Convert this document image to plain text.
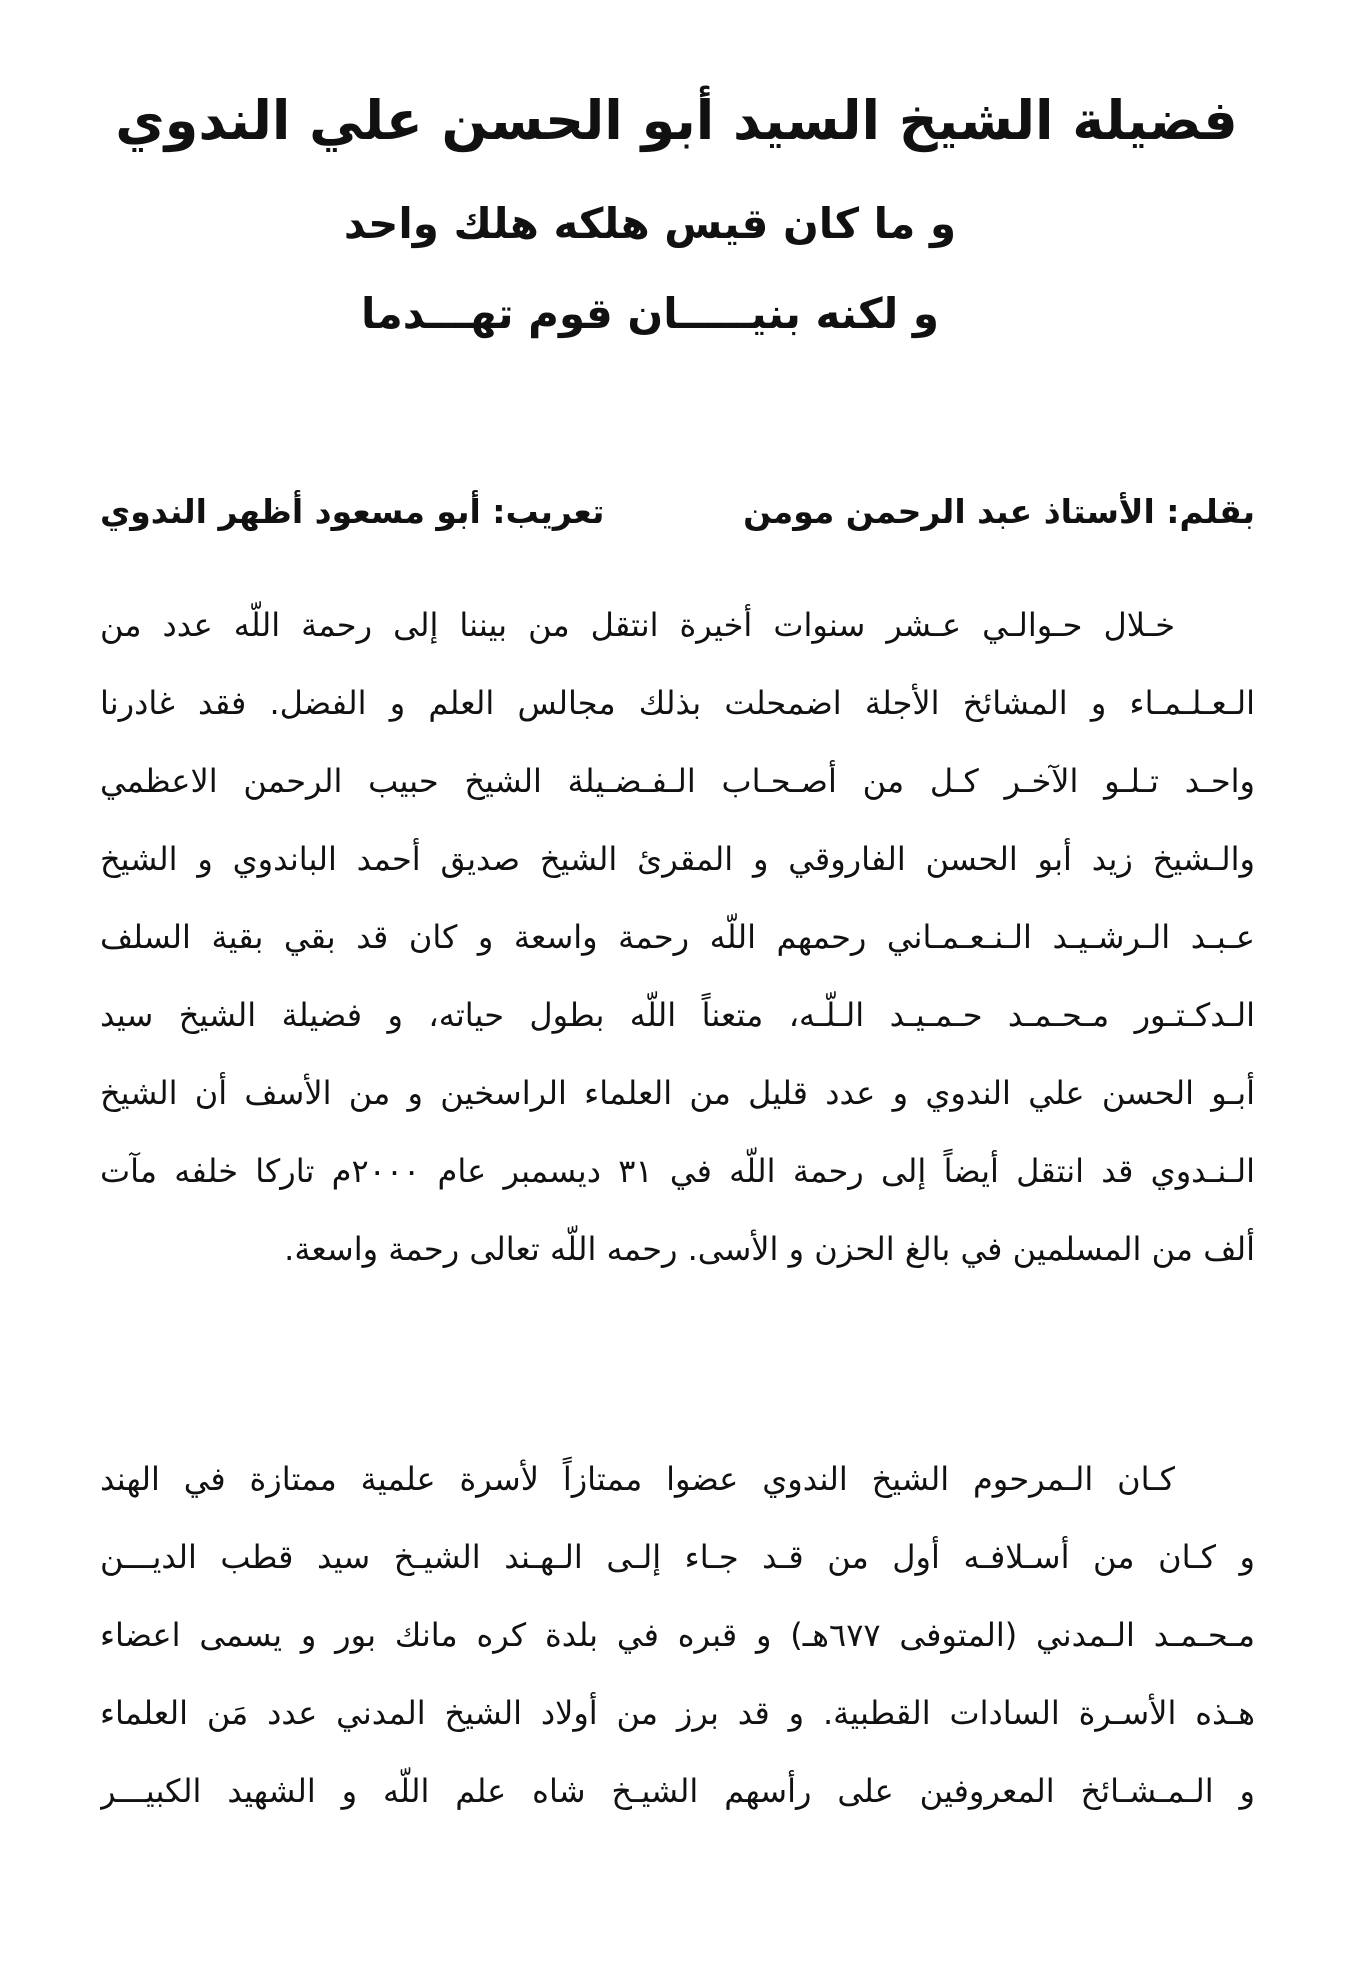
فضيلة الشيخ السيد أبو الحسن علي الندوي
و ما كان قيس هلكه هلك واحد
و لكنه بنيـــــان قوم تهـــدما
بقلم: الأستاذ عبد الرحمن مومن
تعريب: أبو مسعود أظهر الندوي
خـلال حـوالـي عـشر سنوات أخيرة انتقل من بيننا إلى رحمة اللّه عدد من
الـعـلـمـاء و المشائخ الأجلة اضمحلت بذلك مجالس العلم و الفضل. فقد غادرنا
واحـد تـلـو الآخـر كـل من أصـحـاب الـفـضـيلة الشيخ حبيب الرحمن الاعظمي
والـشيخ زيد أبو الحسن الفاروقي و المقرئ الشيخ صديق أحمد الباندوي و الشيخ
عـبـد الـرشـيـد الـنـعـمـاني رحمهم اللّه رحمة واسعة و كان قد بقي بقية السلف
الـدكـتـور مـحـمـد حـمـيـد الـلّـه، متعناً اللّه بطول حياته، و فضيلة الشيخ سيد
أبـو الحسن علي الندوي و عدد قليل من العلماء الراسخين و من الأسف أن الشيخ
الـنـدوي قد انتقل أيضاً إلى رحمة اللّه في ٣١ ديسمبر عام ٢٠٠٠م تاركا خلفه مآت
ألف من المسلمين في بالغ الحزن و الأسى. رحمه اللّه تعالى رحمة واسعة.
كـان الـمرحوم الشيخ الندوي عضوا ممتازاً لأسرة علمية ممتازة في الهند
و كـان من أسـلافـه أول من قـد جـاء إلـى الـهـند الشيـخ سيد قطب الديـــن
مـحـمـد الـمدني (المتوفى ٦٧٧هـ) و قبره في بلدة كره مانك بور و يسمى اعضاء
هـذه الأسـرة السادات القطبية. و قد برز من أولاد الشيخ المدني عدد مَن العلماء
و الـمـشـائخ المعروفين على رأسهم الشيـخ شاه علم اللّه و الشهيد الكبيـــر
